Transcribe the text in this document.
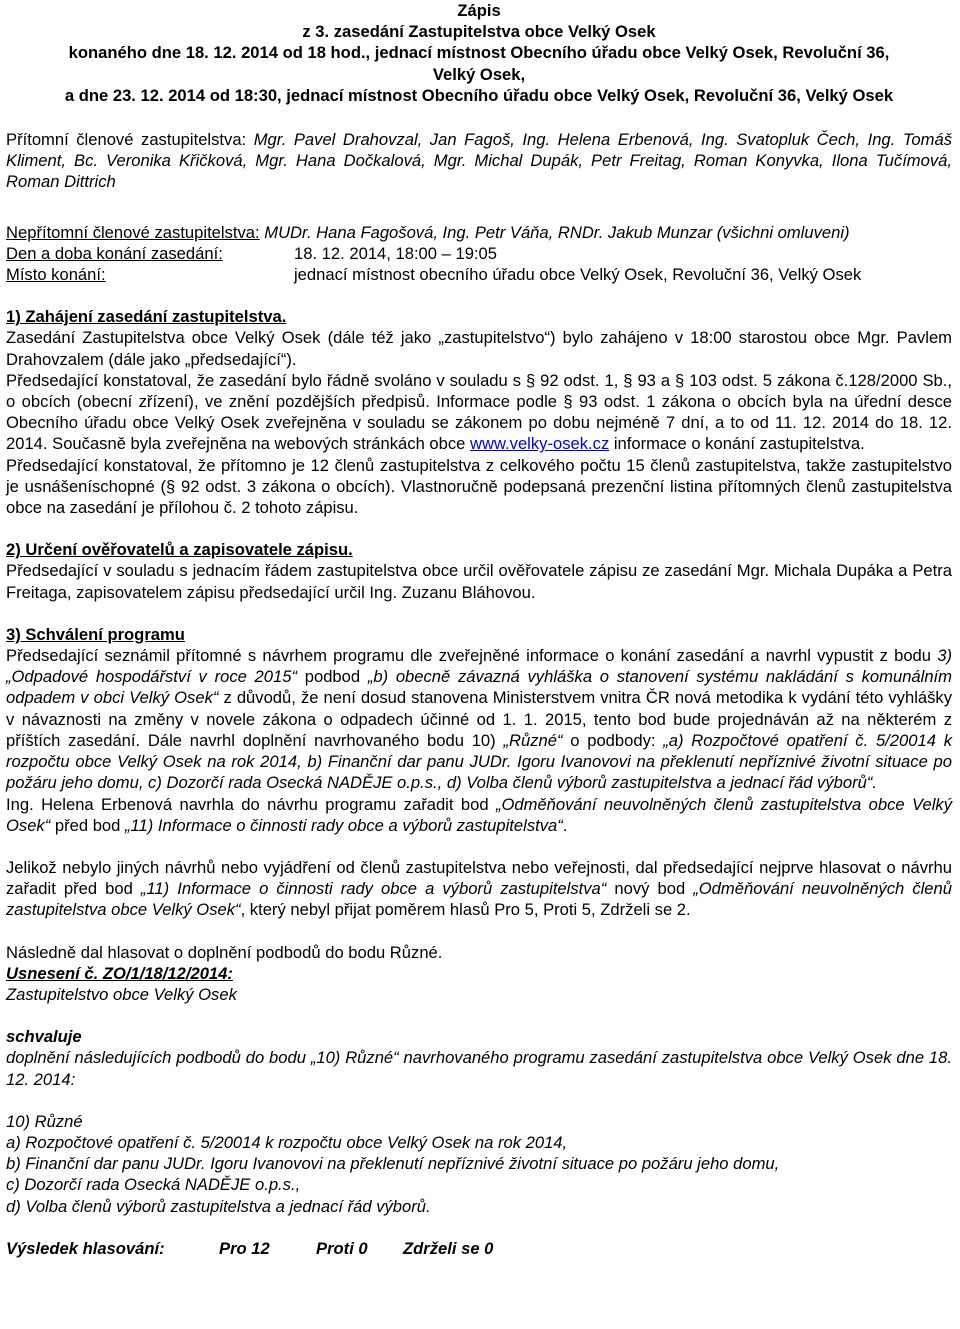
Zápis
z 3. zasedání Zastupitelstva obce Velký Osek
konaného dne 18. 12. 2014 od 18 hod., jednací místnost Obecního úřadu obce Velký Osek, Revoluční 36,
Velký Osek,
a dne 23. 12. 2014 od 18:30, jednací místnost Obecního úřadu obce Velký Osek, Revoluční 36, Velký Osek

Přítomní členové zastupitelstva: Mgr. Pavel Drahovzal, Jan Fagoš, Ing. Helena Erbenová, Ing. Svatopluk Čech, Ing. Tomáš Kliment, Bc. Veronika Křičková, Mgr. Hana Dočkalová, Mgr. Michal Dupák, Petr Freitag, Roman Konyvka, Ilona Tučímová, Roman Dittrich

Nepřítomní členové zastupitelstva: MUDr. Hana Fagošová, Ing. Petr Váňa, RNDr. Jakub Munzar (všichni omluveni)

Den a doba konání zasedání:	18. 12. 2014, 18:00 – 19:05
Místo konání:	jednací místnost obecního úřadu obce Velký Osek, Revoluční 36, Velký Osek

1) Zahájení zasedání zastupitelstva.

Zasedání Zastupitelstva obce Velký Osek (dále též jako „zastupitelstvo“) bylo zahájeno v 18:00 starostou obce Mgr. Pavlem Drahovzalem (dále jako „předsedající“).

Předsedající konstatoval, že zasedání bylo řádně svoláno v souladu s § 92 odst. 1, § 93 a § 103 odst. 5 zákona č.128/2000 Sb., o obcích (obecní zřízení), ve znění pozdějších předpisů. Informace podle § 93 odst. 1 zákona o obcích byla na úřední desce Obecního úřadu obce Velký Osek zveřejněna v souladu se zákonem po dobu nejméně 7 dní, a to od 11. 12. 2014 do 18. 12. 2014. Současně byla zveřejněna na webových stránkách obce www.velky-osek.cz informace o konání zastupitelstva.

Předsedající konstatoval, že přítomno je 12 členů zastupitelstva z celkového počtu 15 členů zastupitelstva, takže zastupitelstvo je usnášeníschopné (§ 92 odst. 3 zákona o obcích). Vlastnoručně podepsaná prezenční listina přítomných členů zastupitelstva obce na zasedání je přílohou č. 2 tohoto zápisu.

2) Určení ověřovatelů a zapisovatele zápisu.

Předsedající v souladu s jednacím řádem zastupitelstva obce určil ověřovatele zápisu ze zasedání Mgr. Michala Dupáka a Petra Freitaga, zapisovatelem zápisu předsedající určil Ing. Zuzanu Bláhovou.

3) Schválení programu

Předsedající seznámil přítomné s návrhem programu dle zveřejněné informace o konání zasedání a navrhl vypustit z bodu 3) „Odpadové hospodářství v roce 2015“ podbod „b) obecně závazná vyhláška o stanovení systému nakládání s komunálním odpadem v obci Velký Osek“ z důvodů, že není dosud stanovena Ministerstvem vnitra ČR nová metodika k vydání této vyhlášky v návaznosti na změny v novele zákona o odpadech účinné od 1. 1. 2015, tento bod bude projednáván až na některém z příštích zasedání. Dále navrhl doplnění navrhovaného bodu 10) „Různé“ o podbody: „a) Rozpočtové opatření č. 5/20014 k rozpočtu obce Velký Osek na rok 2014, b) Finanční dar panu JUDr. Igoru Ivanovovi na překlenutí nepříznivé životní situace po požáru jeho domu, c) Dozorčí rada Osecká NADĚJE o.p.s., d) Volba členů výborů zastupitelstva a jednací řád výborů“.

Ing. Helena Erbenová navrhla do návrhu programu zařadit bod „Odměňování neuvolněných členů zastupitelstva obce Velký Osek“ před bod „11) Informace o činnosti rady obce a výborů zastupitelstva“.

Jelikož nebylo jiných návrhů nebo vyjádření od členů zastupitelstva nebo veřejnosti, dal předsedající nejprve hlasovat o návrhu zařadit před bod „11) Informace o činnosti rady obce a výborů zastupitelstva“ nový bod „Odměňování neuvolněných členů zastupitelstva obce Velký Osek“, který nebyl přijat poměrem hlasů Pro 5, Proti 5, Zdrželi se 2.

Následně dal hlasovat o doplnění podbodů do bodu Různé.

Usnesení č. ZO/1/18/12/2014:

Zastupitelstvo obce Velký Osek

schvaluje

doplnění následujících podbodů do bodu „10) Různé“ navrhovaného programu zasedání zastupitelstva obce Velký Osek dne 18. 12. 2014:

10) Různé

a) Rozpočtové opatření č. 5/20014 k rozpočtu obce Velký Osek na rok 2014,

b) Finanční dar panu JUDr. Igoru Ivanovovi na překlenutí nepříznivé životní situace po požáru jeho domu,

c) Dozorčí rada Osecká NADĚJE o.p.s.,

d) Volba členů výborů zastupitelstva a jednací řád výborů.

Výsledek hlasování:	Pro 12	Proti 0 Zdrželi se 0
